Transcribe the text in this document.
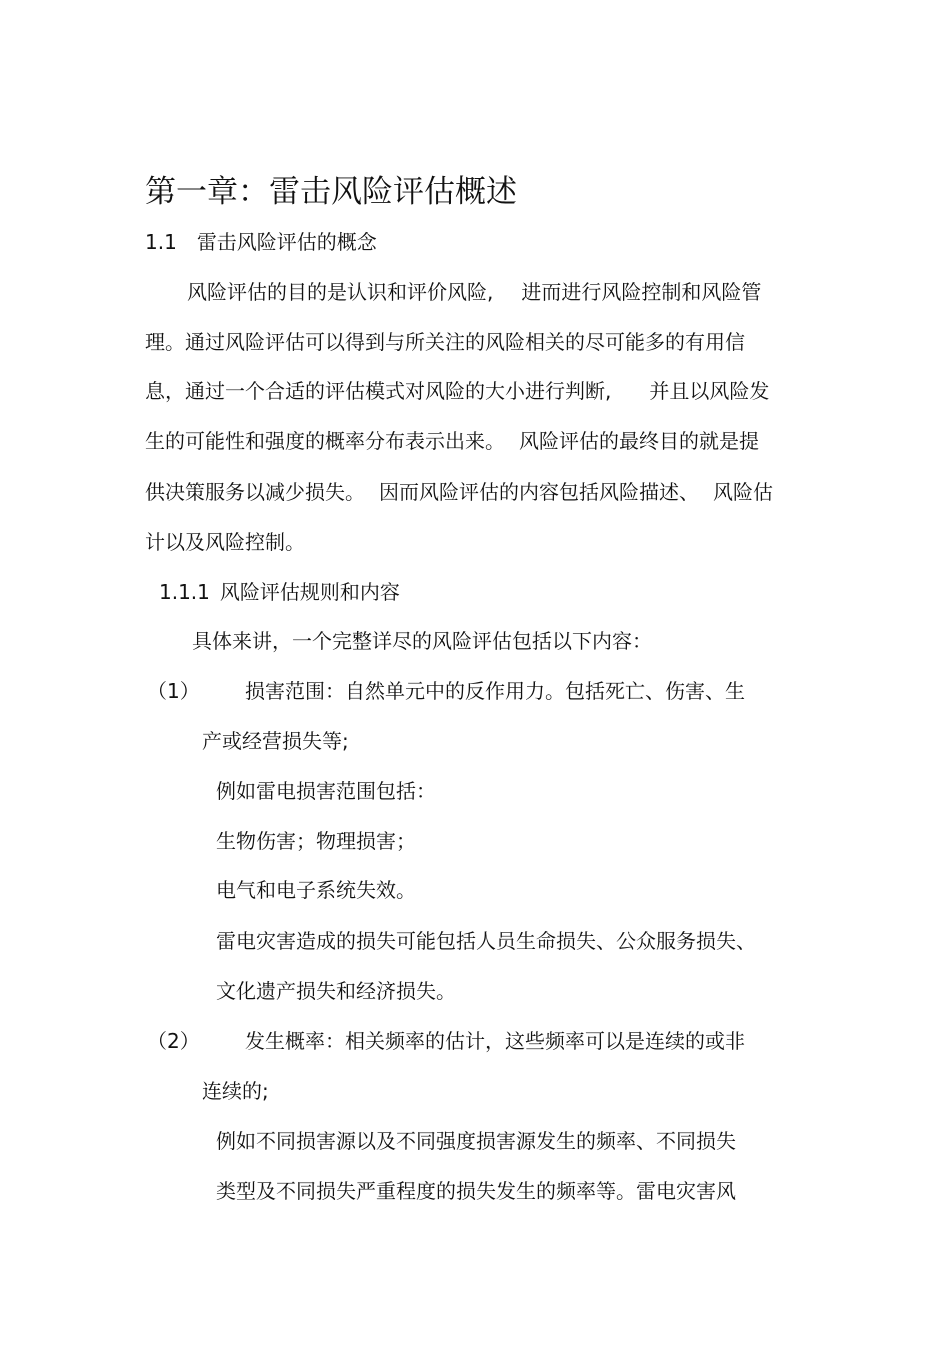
第一章：雷击风险评估概述
1.1 雷击风险评估的概念
风险评估的目的是认识和评价风险, 进而进行风险控制和风险管
理。通过风险评估可以得到与所关注的风险相关的尽可能多的有用信
息，通过一个合适的评估模式对风险的大小进行判断, 并且以风险发
生的可能性和强度的概率分布表示出来。 风险评估的最终目的就是提
供决策服务以减少损失。 因而风险评估的内容包括风险描述、 风险估
计以及风险控制。
1.1.1 风险评估规则和内容
具体来讲，一个完整详尽的风险评估包括以下内容：
（1） 损害范围：自然单元中的反作用力。包括死亡、伤害、生
产或经营损失等;
例如雷电损害范围包括：
生物伤害；物理损害；
电气和电子系统失效。
雷电灾害造成的损失可能包括人员生命损失、公众服务损失、
文化遗产损失和经济损失。
（2） 发生概率：相关频率的估计，这些频率可以是连续的或非
连续的;
例如不同损害源以及不同强度损害源发生的频率、不同损失
类型及不同损失严重程度的损失发生的频率等。雷电灾害风
